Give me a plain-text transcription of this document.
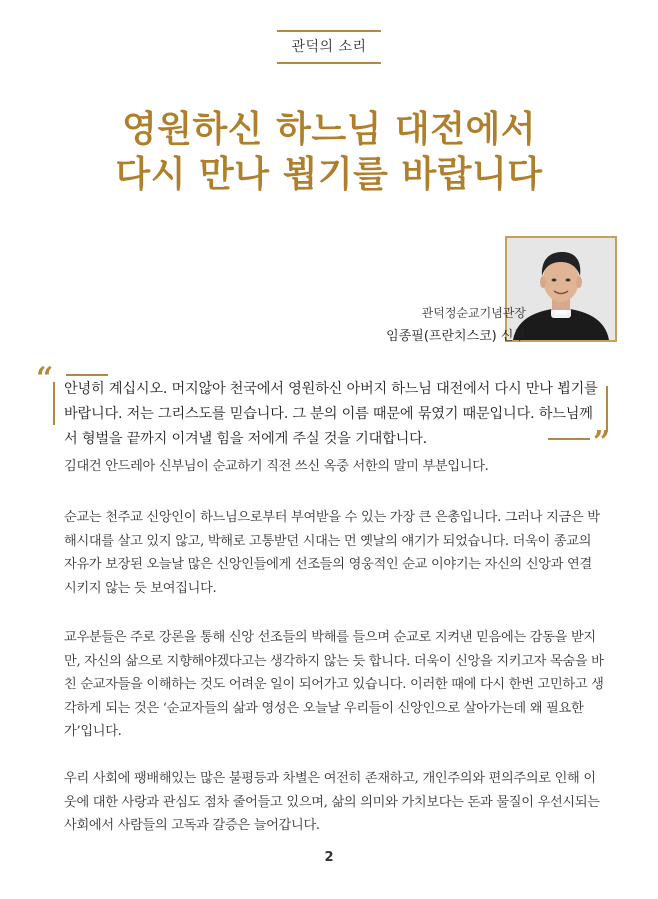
관덕의 소리
영원하신 하느님 대전에서
다시 만나 뵙기를 바랍니다
관덕정순교기념관장
임종필(프란치스코) 신부
“ 안녕히 계십시오. 머지않아 천국에서 영원하신 아버지 하느님 대전에서 다시 만나 뵙기를 바랍니다. 저는 그리스도를 믿습니다. 그 분의 이름 때문에 묶였기 때문입니다. 하느님께서 형벌을 끝까지 이겨낼 힘을 저에게 주실 것을 기대합니다.	”
김대건 안드레아 신부님이 순교하기 직전 쓰신 옥중 서한의 말미 부분입니다.
순교는 천주교 신앙인이 하느님으로부터 부여받을 수 있는 가장 큰 은총입니다. 그러나 지금은 박해시대를 살고 있지 않고, 박해로 고통받던 시대는 먼 옛날의 얘기가 되었습니다. 더욱이 종교의 자유가 보장된 오늘날 많은 신앙인들에게 선조들의 영웅적인 순교 이야기는 자신의 신앙과 연결시키지 않는 듯 보여집니다.
교우분들은 주로 강론을 통해 신앙 선조들의 박해를 들으며 순교로 지켜낸 믿음에는 감동을 받지만, 자신의 삶으로 지향해야겠다고는 생각하지 않는 듯 합니다. 더욱이 신앙을 지키고자 목숨을 바친 순교자들을 이해하는 것도 어려운 일이 되어가고 있습니다. 이러한 때에 다시 한번 고민하고 생각하게 되는 것은 ‘순교자들의 삶과 영성은 오늘날 우리들이 신앙인으로 살아가는데 왜 필요한가’입니다.
우리 사회에 팽배해있는 많은 불평등과 차별은 여전히 존재하고, 개인주의와 편의주의로 인해 이웃에 대한 사랑과 관심도 점차 줄어들고 있으며, 삶의 의미와 가치보다는 돈과 물질이 우선시되는 사회에서 사람들의 고독과 갈증은 늘어갑니다.
2
